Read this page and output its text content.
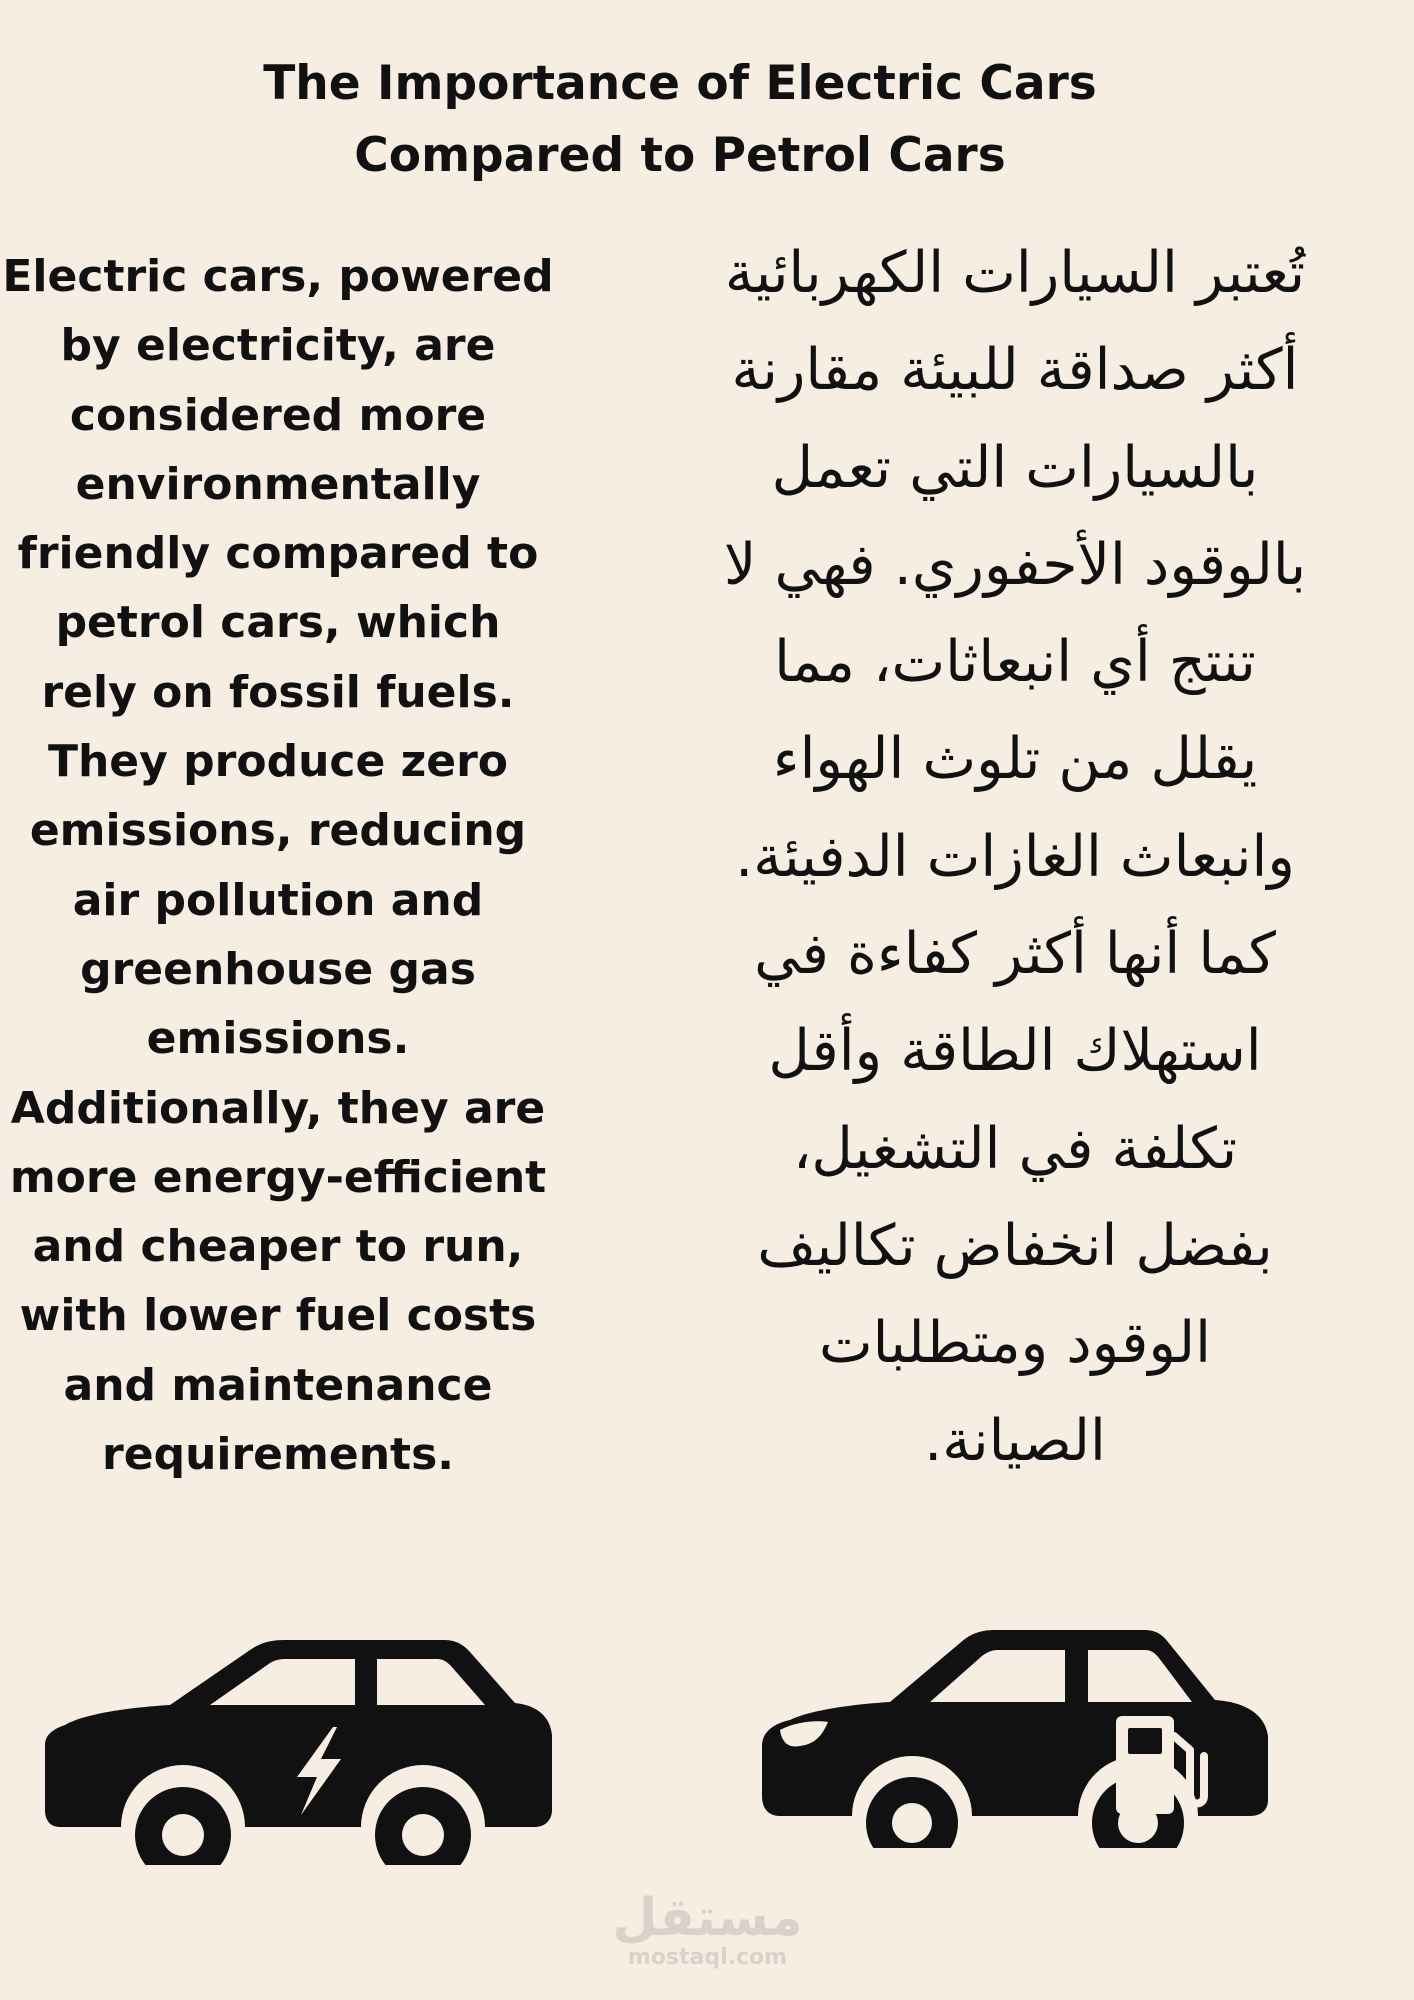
The Importance of Electric Cars
Compared to Petrol Cars
Electric cars, powered
by electricity, are
considered more
environmentally
friendly compared to
petrol cars, which
rely on fossil fuels.
They produce zero
emissions, reducing
air pollution and
greenhouse gas
emissions.
Additionally, they are
more energy-efficient
and cheaper to run,
with lower fuel costs
and maintenance
requirements.
تُعتبر السيارات الكهربائية
أكثر صداقة للبيئة مقارنة
بالسيارات التي تعمل
بالوقود الأحفوري. فهي لا
تنتج أي انبعاثات، مما
يقلل من تلوث الهواء
وانبعاث الغازات الدفيئة.
كما أنها أكثر كفاءة في
استهلاك الطاقة وأقل
تكلفة في التشغيل،
بفضل انخفاض تكاليف
الوقود ومتطلبات
الصيانة.
مستقل
mostaql.com
